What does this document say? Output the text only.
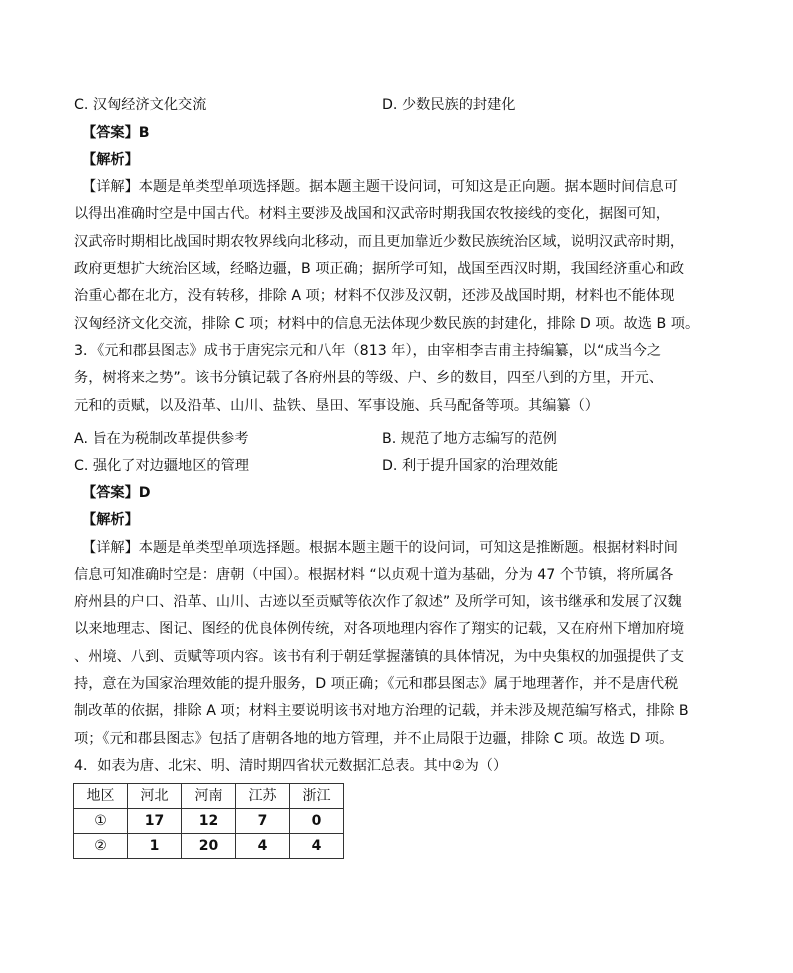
C. 汉匈经济文化交流	D. 少数民族的封建化
【答案】B
【解析】
【详解】本题是单类型单项选择题。据本题主题干设问词，可知这是正向题。据本题时间信息可
以得出准确时空是中国古代。材料主要涉及战国和汉武帝时期我国农牧接线的变化，据图可知，
汉武帝时期相比战国时期农牧界线向北移动，而且更加靠近少数民族统治区域，说明汉武帝时期，
政府更想扩大统治区域，经略边疆，B 项正确；据所学可知，战国至西汉时期，我国经济重心和政
治重心都在北方，没有转移，排除 A 项；材料不仅涉及汉朝，还涉及战国时期，材料也不能体现
汉匈经济文化交流，排除 C 项；材料中的信息无法体现少数民族的封建化，排除 D 项。故选 B 项。
3．《元和郡县图志》成书于唐宪宗元和八年（813 年），由宰相李吉甫主持编纂，以“成当今之
务，树将来之势”。该书分镇记载了各府州县的等级、户、乡的数目，四至八到的方里，开元、
元和的贡赋，以及沿革、山川、盐铁、垦田、军事设施、兵马配备等项。其编纂（）
A. 旨在为税制改革提供参考	B. 规范了地方志编写的范例
C. 强化了对边疆地区的管理	D. 利于提升国家的治理效能
【答案】D
【解析】
【详解】本题是单类型单项选择题。根据本题主题干的设问词，可知这是推断题。根据材料时间
信息可知准确时空是：唐朝（中国）。根据材料 “以贞观十道为基础，分为 47 个节镇，将所属各
府州县的户口、沿革、山川、古迹以至贡赋等依次作了叙述” 及所学可知，该书继承和发展了汉魏
以来地理志、图记、图经的优良体例传统，对各项地理内容作了翔实的记载，又在府州下增加府境
、州境、八到、贡赋等项内容。该书有利于朝廷掌握藩镇的具体情况，为中央集权的加强提供了支
持，意在为国家治理效能的提升服务，D 项正确；《元和郡县图志》属于地理著作，并不是唐代税
制改革的依据，排除 A 项；材料主要说明该书对地方治理的记载，并未涉及规范编写格式，排除 B
项；《元和郡县图志》包括了唐朝各地的地方管理，并不止局限于边疆，排除 C 项。故选 D 项。
4．如表为唐、北宋、明、清时期四省状元数据汇总表。其中②为（）
地区	河北	河南	江苏	浙江
①	17	12	7	0
②	1	20	4	4
